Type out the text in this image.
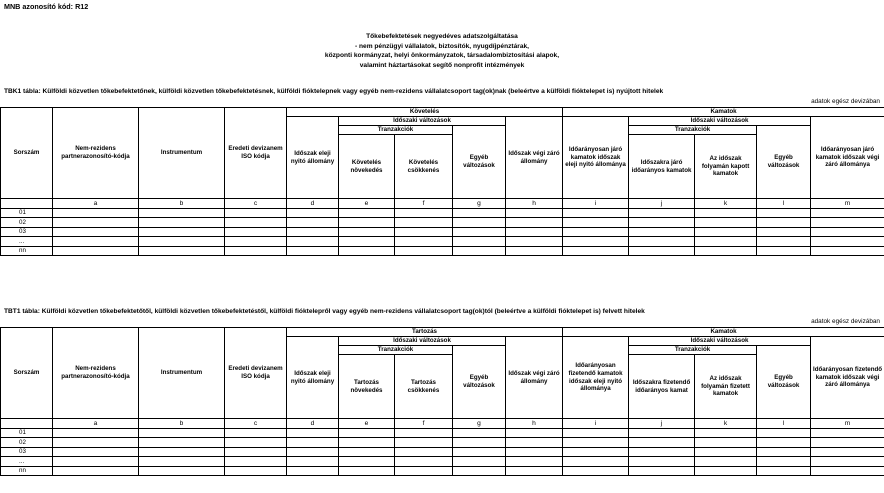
MNB azonosító kód: R12
Tőkebefektetések negyedéves adatszolgáltatása
- nem pénzügyi vállalatok, biztosítók, nyugdíjpénztárak,
központi kormányzat, helyi önkormányzatok, társadalombiztosítási alapok,
valamint háztartásokat segítő nonprofit intézmények
TBK1 tábla: Külföldi közvetlen tőkebefektetőnek, külföldi közvetlen tőkebefektetésnek, külföldi fióktelepnek vagy egyéb nem-rezidens vállalatcsoport tag(ok)nak (beleértve a külföldi fióktelepet is) nyújtott hitelek
adatok egész devizában
Sorszám	Nem-rezidens partnerazonosító-kódja	Instrumentum	Eredeti devizanem ISO kódja	Követelés					Kamatok				
				Időszak eleji nyitó állomány	Időszaki változások			Időszak végi záró állomány	Időarányosan járó kamatok időszak eleji nyitó állománya	Időszaki változások			Időarányosan járó kamatok időszak végi záró állománya
					Tranzakciók		Egyéb változások			Tranzakciók		Egyéb változások	
					Követelés növekedés	Követelés csökkenés				Időszakra járó időarányos kamatok	Az időszak folyamán kapott kamatok		
	a	b	c	d	e	f	g	h	i	j	k	l	m
01													
02													
03													
...													
nn													
TBT1 tábla: Külföldi közvetlen tőkebefektetőtől, külföldi közvetlen tőkebefektetéstől, külföldi fióktelepről vagy egyéb nem-rezidens vállalatcsoport tag(ok)tól (beleértve a külföldi fióktelepet is) felvett hitelek
adatok egész devizában
Sorszám	Nem-rezidens partnerazonosító-kódja	Instrumentum	Eredeti devizanem ISO kódja	Tartozás					Kamatok				
				Időszak eleji nyitó állomány	Időszaki változások			Időszak végi záró állomány	Időarányosan fizetendő kamatok időszak eleji nyitó állománya	Időszaki változások			Időarányosan fizetendő kamatok időszak végi záró állománya
					Tranzakciók		Egyéb változások			Tranzakciók		Egyéb változások	
					Tartozás növekedés	Tartozás csökkenés				Időszakra fizetendő időarányos kamat	Az időszak folyamán fizetett kamatok		
	a	b	c	d	e	f	g	h	i	j	k	l	m
01													
02													
03													
...													
nn													
